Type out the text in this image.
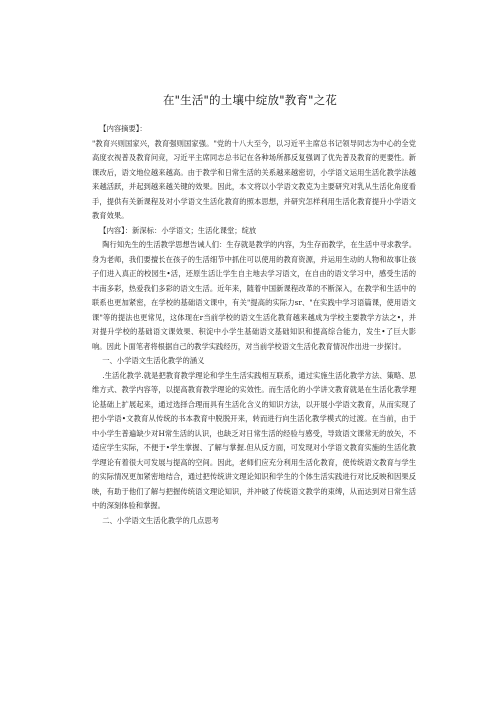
在"生活"的土壤中绽放"教育"之花

【内容摘要】：
"教育兴则国家兴，教育强则国家强。"党的十八大至今，以习近平主席总书记领导同志为中心的全党高度衣视普及教育问竞，习近平主席同志总书记在各种场所都反复强调了优先普及教育的更要性。新课改后，语文地位越来越高。由于教学和日常生活的关系越来越密切，小学语文运用生活化教学法越来越活跃，并起到越来越关键的效果。因此，本文将以小学语文教克为主要研究对乳从生活化角度看手，提供有关新课程及对小学语文生活化教育的照本思想，并研究怎样利用生活化教育提升小学语文教育效果。

【内容】：新深标：小学语文；生活化课堂；绽放

陶行知先生的生活教学思想告诫人们：生存就是教学的内容，为生存而教学，在生活中寻求教学。身为老师，我们要擅长在孩子的生活细节中抓住可以使用的教育资源，并运用生动的人物和故事让孩子们进入真正的校园生•活，还原生活让学生自主地去学习语文，在自由的语文学习中，感受生活的丰南多彩，热爱我们多彩的语文生活。近年来，随着中国新课程改革的不断深入，在教学和生活中的联系也更加紧密，在学校的基础语文课中，有关"提高的实际力sr、"在实践中学习语篇课，使用语文课"等的提法也更常见，这体现在r当前学校的语文生活化教育越来越成为学校主要教学方法之•，并对提升学校的基础语文课效果、积淀中小学生基础语文基础知识和提高综合能力，发生•了巨大影响。因此卜面笔者将根据自己的教学实践经历，对当前学校语文生活化教育情况作出进一步探讨。

一、小学语文生活化教学的涵义

.生活化教学.就是把教育教学理论和学生生活实践相互联系，通过实施生活化教学方法、策略、思维方式、教学内容等，以提高教育教学理论的实效性。而生活化的小学讲文教育就是在生活化教学理论基础上扩展起来，通过选择合理而具有生活化含义的知识方法，以开展小学语文教育，从而实现了把小学语•文教育从传统的书本教育中脱脱开来，转而进行向生活化教学模式的过渡。在当前，由于中小学生普遍缺少对H常生活的认识，也缺乏对日常生活的经验与感受，导致语文课常无的放矢，不适应学生实际，不便于•学生掌握、了解与掌握.但从反方面，可发现对小学语文教育实施的生活化教学理论有着很大可发展与提高的空间。因此，老师们应充分利用生活化教育，使传统语文教育与学生的实际情况更加紧密地结合，通过把传统讲文理论知识和学生的个体生活实践进行对比反映和因果反映，有助于他们了解与把握传统语文理论知识，并冲破了传统语文教学的束缚，从而达到对日常生活中的深刻体验和掌握。

二、小学语文生活化教学的几点思考
